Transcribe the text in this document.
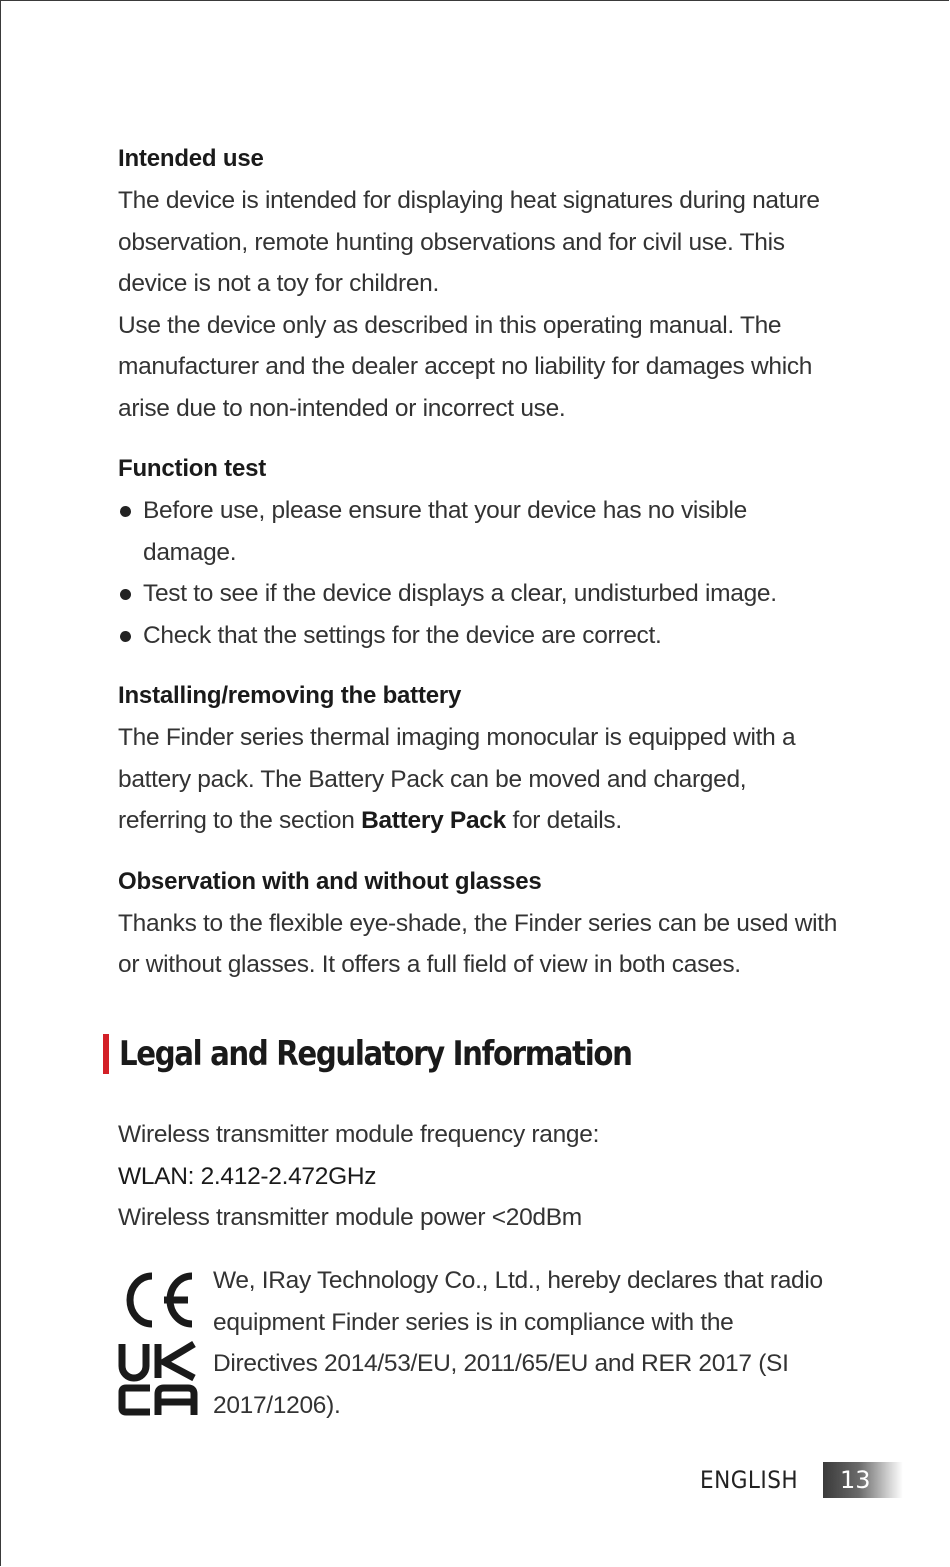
Intended use

The device is intended for displaying heat signatures during nature observation, remote hunting observations and for civil use. This device is not a toy for children.

Use the device only as described in this operating manual. The manufacturer and the dealer accept no liability for damages which arise due to non-intended or incorrect use.

Function test

Before use, please ensure that your device has no visible damage.
Test to see if the device displays a clear, undisturbed image.
Check that the settings for the device are correct.

Installing/removing the battery

The Finder series thermal imaging monocular is equipped with a battery pack. The Battery Pack can be moved and charged, referring to the section Battery Pack for details.

Observation with and without glasses

Thanks to the flexible eye-shade, the Finder series can be used with or without glasses. It offers a full field of view in both cases.

Legal and Regulatory Information

Wireless transmitter module frequency range:

WLAN: 2.412-2.472GHz

Wireless transmitter module power <20dBm

We, IRay Technology Co., Ltd., hereby declares that radio equipment Finder series is in compliance with the Directives 2014/53/EU, 2011/65/EU and RER 2017 (SI 2017/1206).

ENGLISH	13
